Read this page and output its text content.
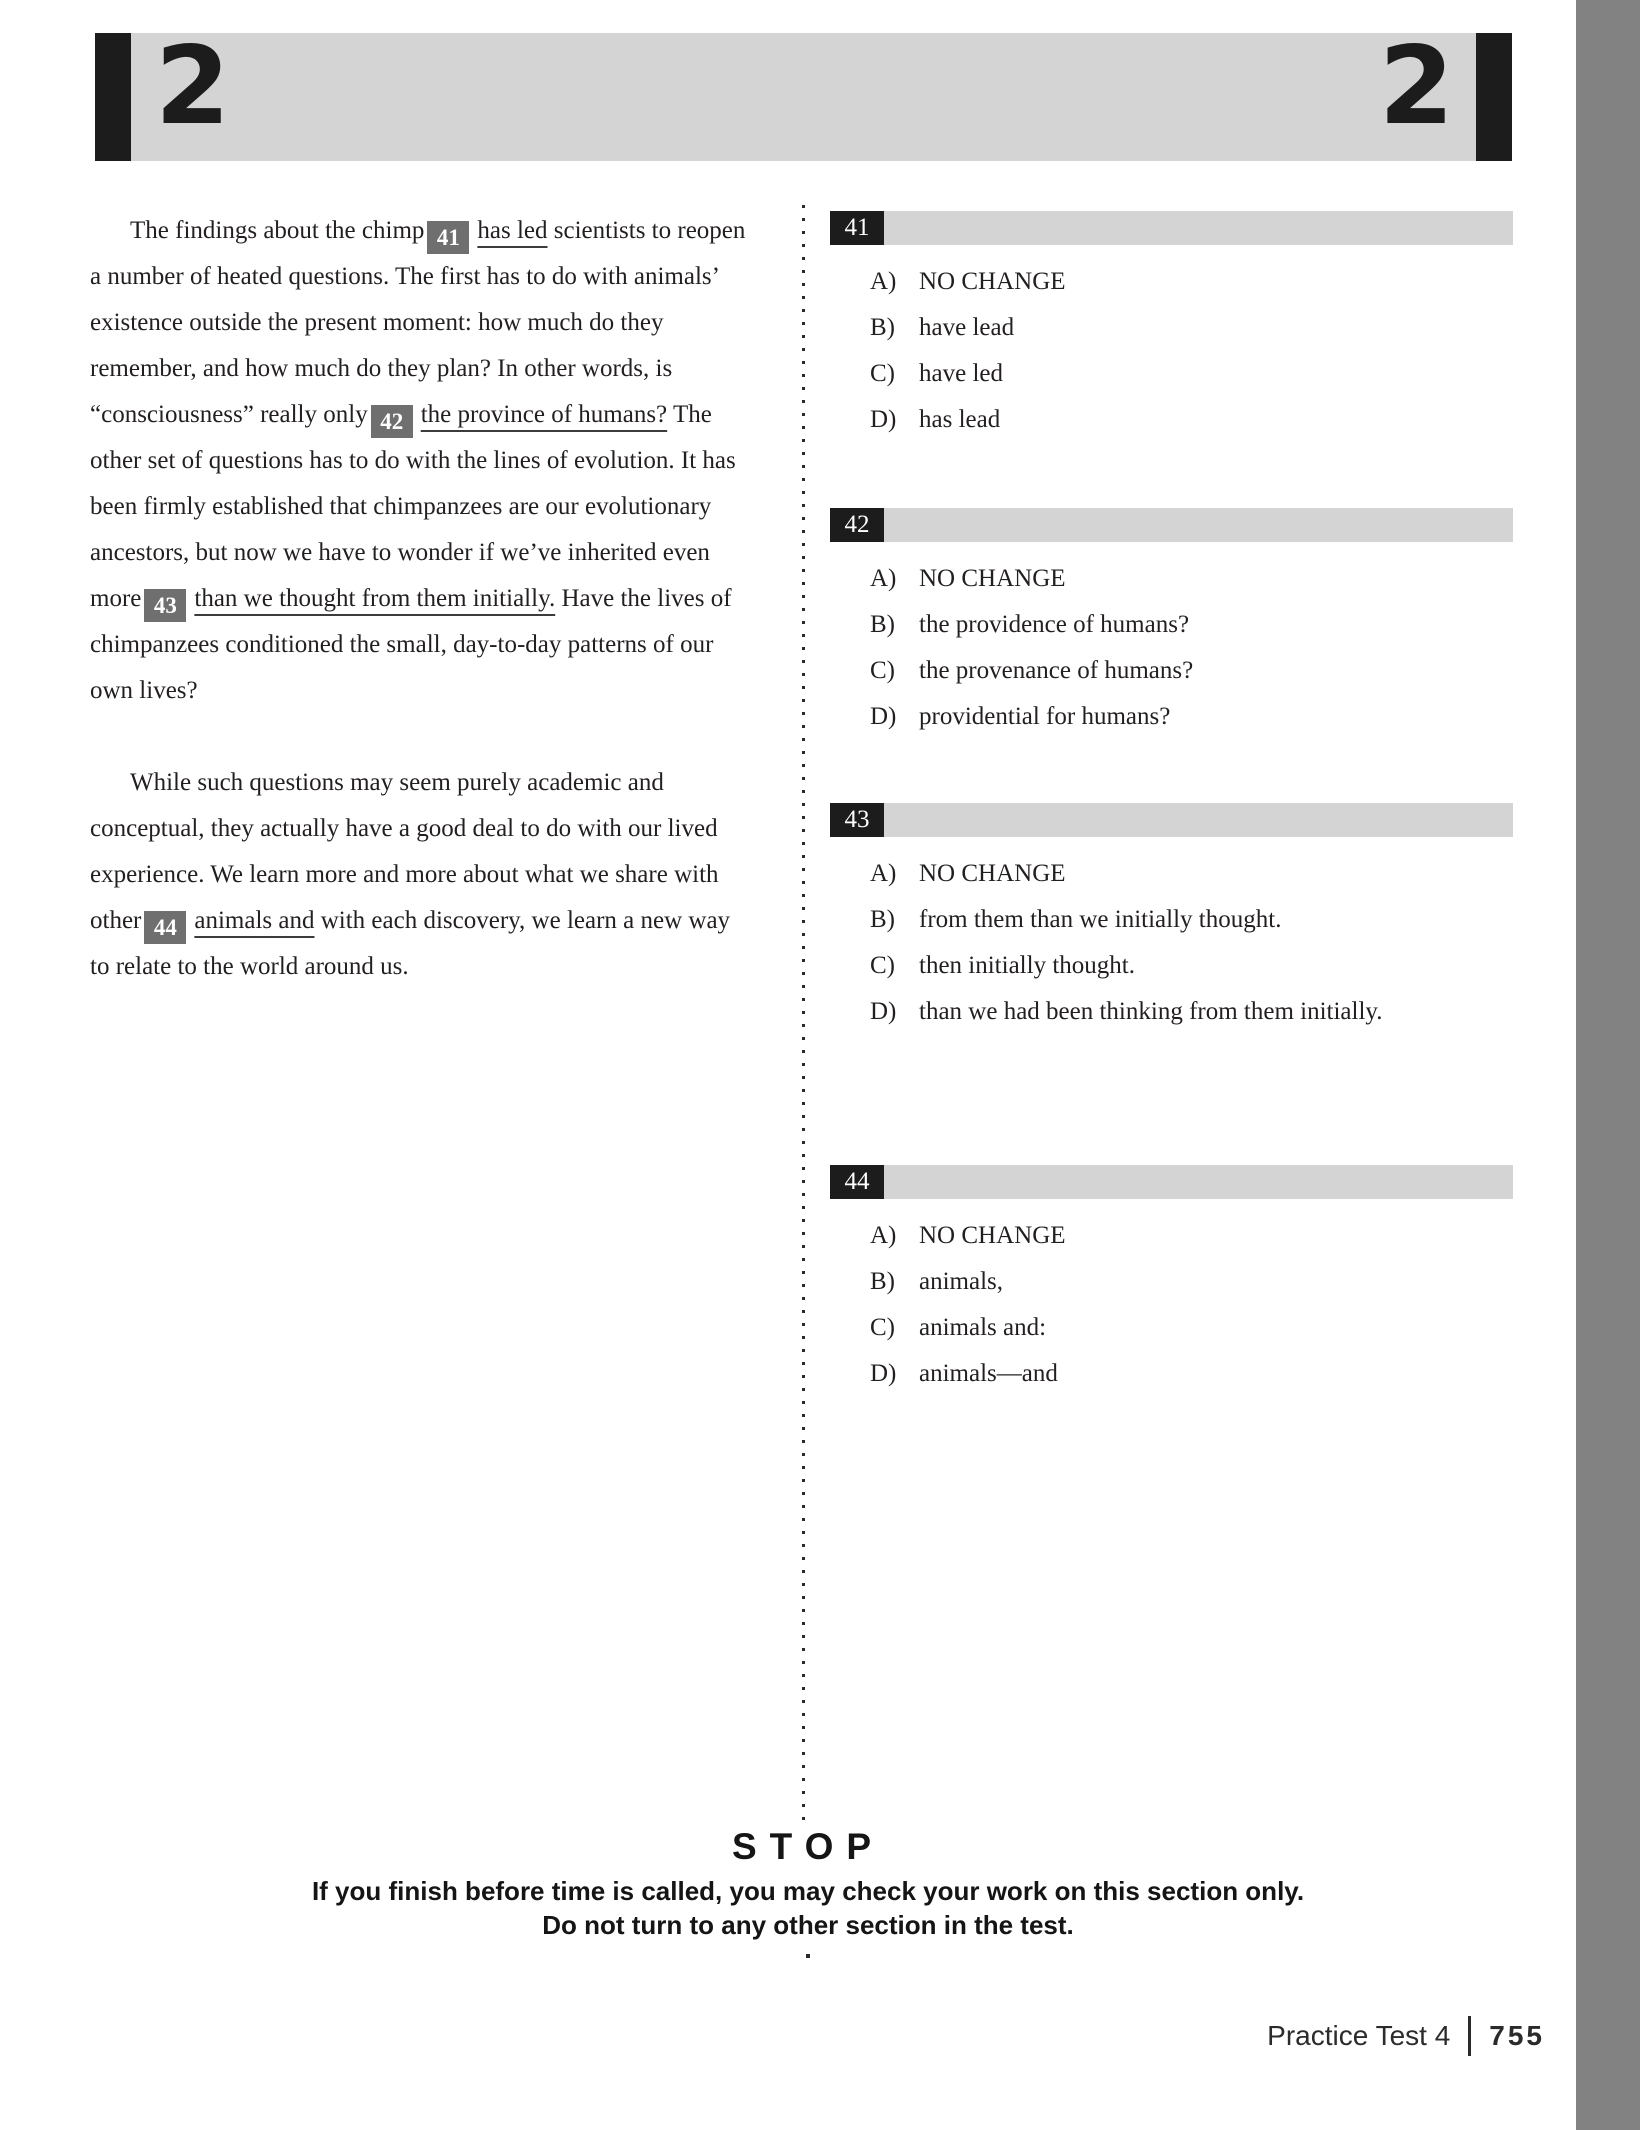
2	2

The findings about the chimp 41 has led scientists to reopen a number of heated questions. The first has to do with animals’ existence outside the present moment: how much do they remember, and how much do they plan? In other words, is “consciousness” really only 42 the province of humans? The other set of questions has to do with the lines of evolution. It has been firmly established that chimpanzees are our evolutionary ancestors, but now we have to wonder if we’ve inherited even more 43 than we thought from them initially. Have the lives of chimpanzees conditioned the small, day-to-day patterns of our own lives?

While such questions may seem purely academic and conceptual, they actually have a good deal to do with our lived experience. We learn more and more about what we share with other 44 animals and with each discovery, we learn a new way to relate to the world around us.

41
A) NO CHANGE
B) have lead
C) have led
D) has lead
42
A) NO CHANGE
B) the providence of humans?
C) the provenance of humans?
D) providential for humans?
43
A) NO CHANGE
B) from them than we initially thought.
C) then initially thought.
D) than we had been thinking from them initially.
44
A) NO CHANGE
B) animals,
C) animals and:
D) animals—and
STOP
If you finish before time is called, you may check your work on this section only.
Do not turn to any other section in the test.
Practice Test 4 755
